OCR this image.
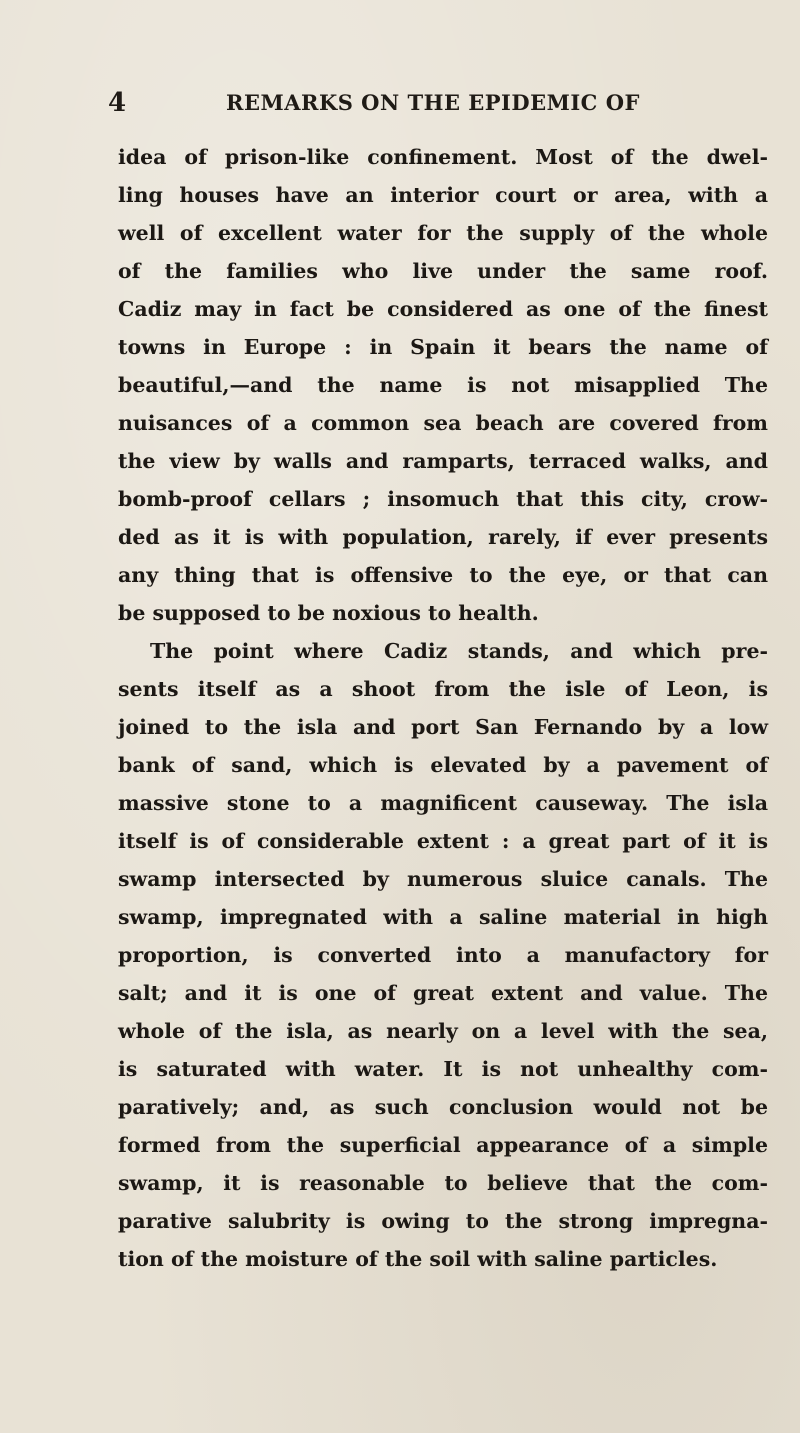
4	REMARKS ON THE EPIDEMIC OF
idea of prison-like confinement. Most of the dwel-
ling houses have an interior court or area, with a
well of excellent water for the supply of the whole
of the families who live under the same roof.
Cadiz may in fact be considered as one of the finest
towns in Europe : in Spain it bears the name of
beautiful,—and the name is not misapplied The
nuisances of a common sea beach are covered from
the view by walls and ramparts, terraced walks, and
bomb-proof cellars ; insomuch that this city, crow-
ded as it is with population, rarely, if ever presents
any thing that is offensive to the eye, or that can
be supposed to be noxious to health.
The point where Cadiz stands, and which pre-
sents itself as a shoot from the isle of Leon, is
joined to the isla and port San Fernando by a low
bank of sand, which is elevated by a pavement of
massive stone to a magnificent causeway. The isla
itself is of considerable extent : a great part of it is
swamp intersected by numerous sluice canals. The
swamp, impregnated with a saline material in high
proportion, is converted into a manufactory for
salt; and it is one of great extent and value. The
whole of the isla, as nearly on a level with the sea,
is saturated with water. It is not unhealthy com-
paratively; and, as such conclusion would not be
formed from the superficial appearance of a simple
swamp, it is reasonable to believe that the com-
parative salubrity is owing to the strong impregna-
tion of the moisture of the soil with saline particles.
